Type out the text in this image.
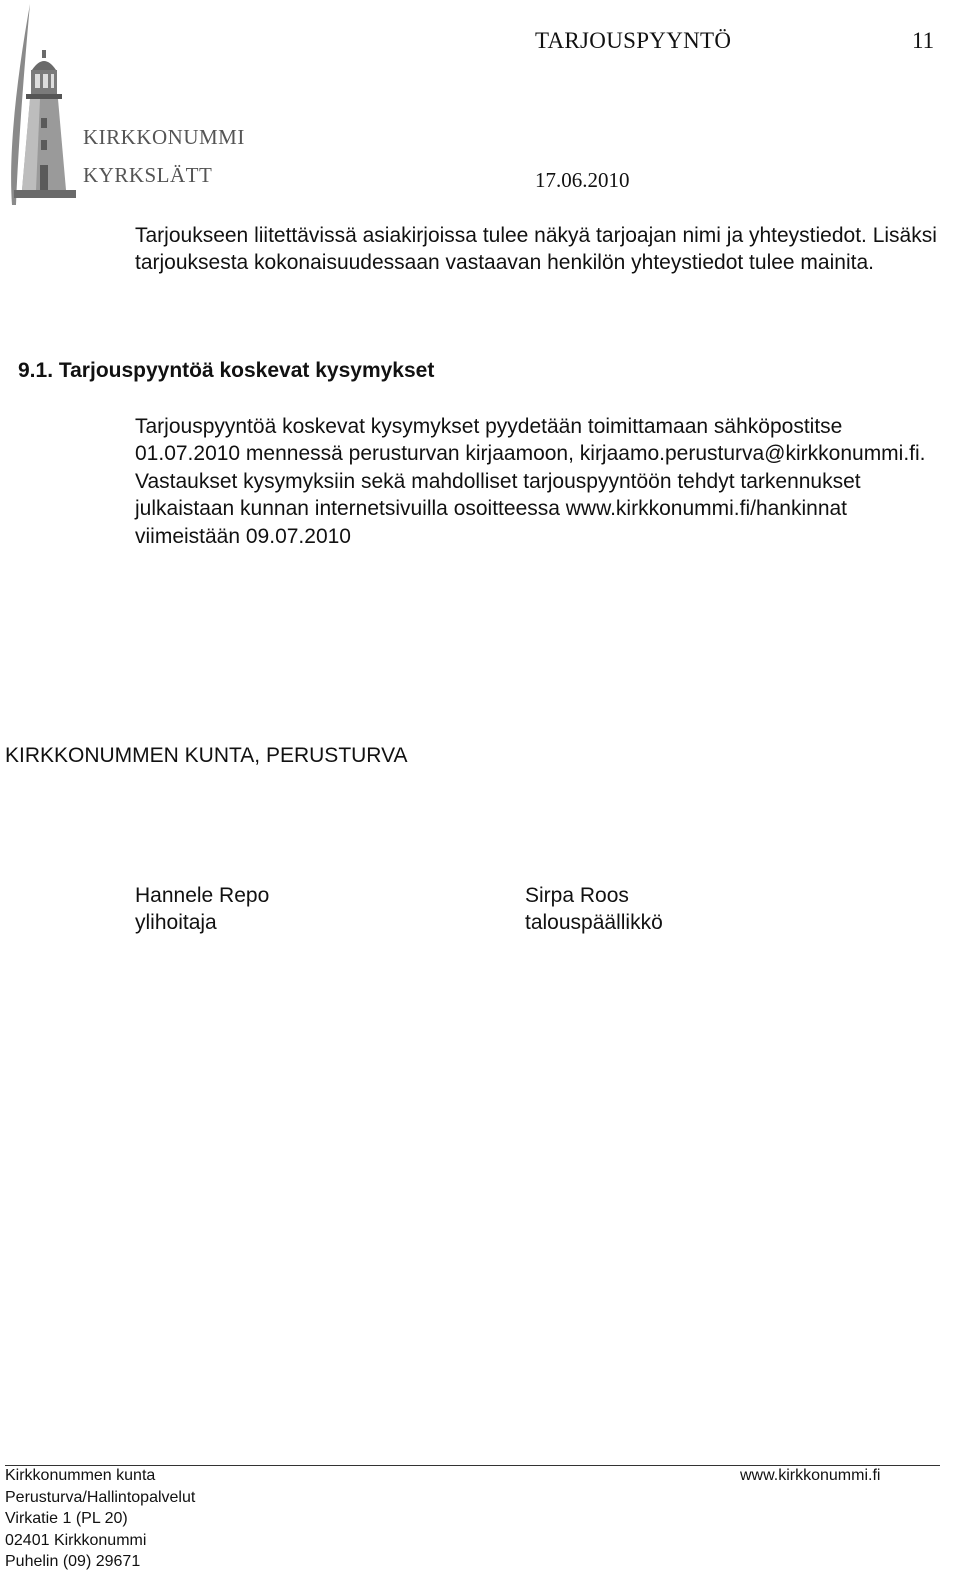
KIRKKONUMMI
KYRKSLÄTT
TARJOUSPYYNTÖ	11
17.06.2010
Tarjoukseen liitettävissä asiakirjoissa tulee näkyä tarjoajan nimi ja yhteystiedot. Lisäksi tarjouksesta kokonaisuudessaan vastaavan henkilön yhteystiedot tulee mainita.
9.1. Tarjouspyyntöä koskevat kysymykset
Tarjouspyyntöä koskevat kysymykset pyydetään toimittamaan sähköpostitse 01.07.2010 mennessä perusturvan kirjaamoon, kirjaamo.perusturva@kirkkonummi.fi. Vastaukset kysymyksiin sekä mahdolliset tarjouspyyntöön tehdyt tarkennukset julkaistaan kunnan internetsivuilla osoitteessa www.kirkkonummi.fi/hankinnat viimeistään 09.07.2010
KIRKKONUMMEN KUNTA, PERUSTURVA
Hannele Repo
ylihoitaja
Sirpa Roos
talouspäällikkö
Kirkkonummen kunta
Perusturva/Hallintopalvelut
Virkatie 1 (PL 20)
02401 Kirkkonummi
Puhelin (09) 29671
www.kirkkonummi.fi
